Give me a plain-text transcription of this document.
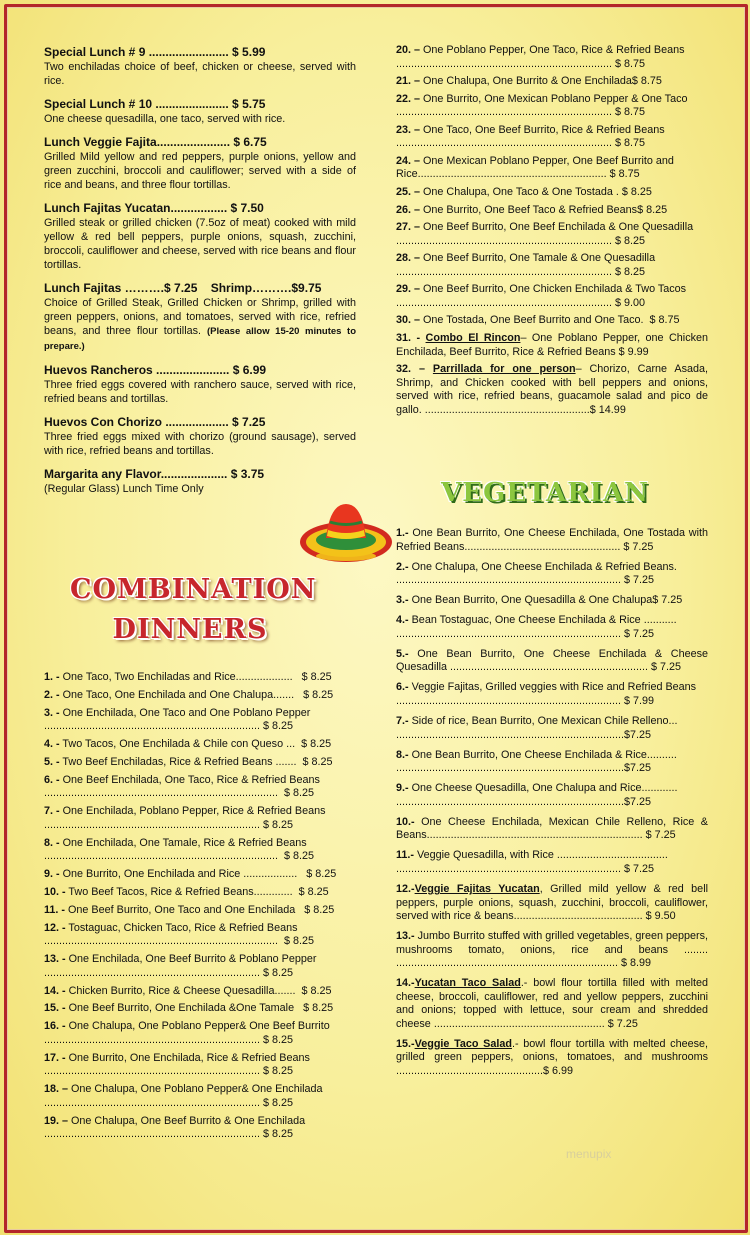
Special Lunch # 9 ........................ $ 5.99
Two enchiladas choice of beef, chicken or cheese, served with rice.
Special Lunch # 10 ...................... $ 5.75
One cheese quesadilla, one taco, served with rice.
Lunch Veggie Fajita...................... $ 6.75
Grilled Mild yellow and red peppers, purple onions, yellow and green zucchini, broccoli and cauliflower; served with a side of rice and beans, and three flour tortillas.
Lunch Fajitas Yucatan................. $ 7.50
Grilled steak or grilled chicken (7.5oz of meat) cooked with mild yellow & red bell peppers, purple onions, squash, zucchini, broccoli, cauliflower and cheese, served with rice beans and flour tortillas.
Lunch Fajitas ……….$ 7.25    Shrimp……….$9.75
Choice of Grilled Steak, Grilled Chicken or Shrimp, grilled with green peppers, onions, and tomatoes, served with rice, refried beans, and three flour tortillas. (Please allow 15-20 minutes to prepare.)
Huevos Rancheros ...................... $ 6.99
Three fried eggs covered with ranchero sauce, served with rice, refried beans and tortillas.
Huevos Con Chorizo ................... $ 7.25
Three fried eggs mixed with chorizo (ground sausage), served with rice, refried beans and tortillas.
Margarita any Flavor.................... $ 3.75
(Regular Glass) Lunch Time Only
COMBINATION
DINNERS
1. - One Taco, Two Enchiladas and Rice...................   $ 8.25
2. - One Taco, One Enchilada and One Chalupa.......   $ 8.25
3. - One Enchilada, One Taco and One Poblano Pepper
........................................................................ $ 8.25
4. - Two Tacos, One Enchilada & Chile con Queso ...  $ 8.25
5. - Two Beef Enchiladas, Rice & Refried Beans .......  $ 8.25
6. - One Beef Enchilada, One Taco, Rice & Refried Beans
..............................................................................  $ 8.25
7. - One Enchilada, Poblano Pepper, Rice & Refried Beans
........................................................................ $ 8.25
8. - One Enchilada, One Tamale, Rice & Refried Beans
..............................................................................  $ 8.25
9. - One Burrito, One Enchilada and Rice ..................   $ 8.25
10. - Two Beef Tacos, Rice & Refried Beans.............  $ 8.25
11. - One Beef Burrito, One Taco and One Enchilada   $ 8.25
12. - Tostaguac, Chicken Taco, Rice & Refried Beans
..............................................................................  $ 8.25
13. - One Enchilada, One Beef Burrito & Poblano Pepper
........................................................................ $ 8.25
14. - Chicken Burrito, Rice & Cheese Quesadilla.......  $ 8.25
15. - One Beef Burrito, One Enchilada &One Tamale   $ 8.25
16. - One Chalupa, One Poblano Pepper& One Beef Burrito
........................................................................ $ 8.25
17. - One Burrito, One Enchilada, Rice & Refried Beans
........................................................................ $ 8.25
18. – One Chalupa, One Poblano Pepper& One Enchilada
........................................................................ $ 8.25
19. – One Chalupa, One Beef Burrito & One Enchilada
........................................................................ $ 8.25
20. – One Poblano Pepper, One Taco, Rice & Refried Beans
........................................................................ $ 8.75
21. – One Chalupa, One Burrito & One Enchilada$ 8.75
22. – One Burrito, One Mexican Poblano Pepper & One Taco
........................................................................ $ 8.75
23. – One Taco, One Beef Burrito, Rice & Refried Beans
........................................................................ $ 8.75
24. – One Mexican Poblano Pepper, One Beef Burrito and
Rice............................................................... $ 8.75
25. – One Chalupa, One Taco & One Tostada . $ 8.25
26. – One Burrito, One Beef Taco & Refried Beans$ 8.25
27. – One Beef Burrito, One Beef Enchilada & One Quesadilla
........................................................................ $ 8.25
28. – One Beef Burrito, One Tamale & One Quesadilla
........................................................................ $ 8.25
29. – One Beef Burrito, One Chicken Enchilada & Two Tacos
........................................................................ $ 9.00
30. – One Tostada, One Beef Burrito and One Taco.  $ 8.75
31. - Combo El Rincon– One Poblano Pepper, one Chicken Enchilada, Beef Burrito, Rice & Refried Beans $ 9.99
32. – Parrillada for one person– Chorizo, Carne Asada, Shrimp, and Chicken cooked with bell peppers and onions, served with rice, refried beans, guacamole salad and pico de gallo. .......................................................$ 14.99
VEGETARIAN
1.- One Bean Burrito, One Cheese Enchilada, One Tostada with Refried Beans.................................................... $ 7.25
2.- One Chalupa, One Cheese Enchilada & Refried Beans.
........................................................................... $ 7.25
3.- One Bean Burrito, One Quesadilla & One Chalupa$ 7.25
4.- Bean Tostaguac, One Cheese Enchilada & Rice ...........
........................................................................... $ 7.25
5.- One Bean Burrito, One Cheese Enchilada & Cheese Quesadilla .................................................................. $ 7.25
6.- Veggie Fajitas, Grilled veggies with Rice and Refried Beans
........................................................................... $ 7.99
7.- Side of rice, Bean Burrito, One Mexican Chile Relleno...
............................................................................$7.25
8.- One Bean Burrito, One Cheese Enchilada & Rice..........
............................................................................$7.25
9.- One Cheese Quesadilla, One Chalupa and Rice............
............................................................................$7.25
10.- One Cheese Enchilada, Mexican Chile Relleno, Rice & Beans........................................................................ $ 7.25
11.- Veggie Quesadilla, with Rice .....................................
........................................................................... $ 7.25
12.-Veggie Fajitas Yucatan, Grilled mild yellow & red bell peppers, purple onions, squash, zucchini, broccoli, cauliflower, served with rice & beans........................................... $ 9.50
13.- Jumbo Burrito stuffed with grilled vegetables, green peppers, mushrooms tomato, onions, rice and beans ........ .......................................................................... $ 8.99
14.-Yucatan Taco Salad.- bowl flour tortilla filled with melted cheese, broccoli, cauliflower, red and yellow peppers, zucchini and onions; topped with lettuce, sour cream and shredded cheese ......................................................... $ 7.25
15.-Veggie Taco Salad.- bowl flour tortilla with melted cheese, grilled green peppers, onions, tomatoes, and mushrooms .................................................$ 6.99
menupix
